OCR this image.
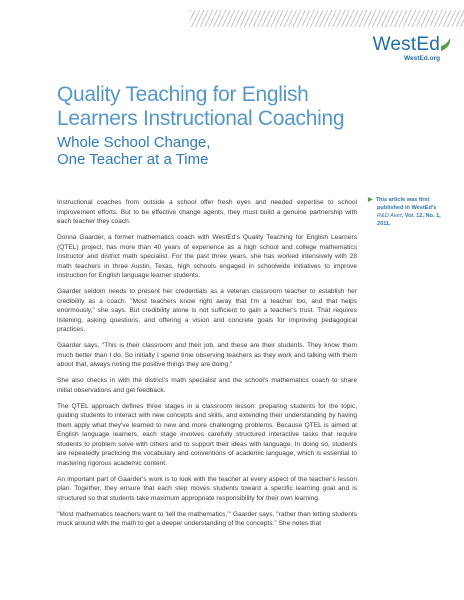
WestEd
WestEd.org
Quality Teaching for English Learners Instructional Coaching
Whole School Change,
One Teacher at a Time
▶ This article was first
published in WestEd's
R&D Alert, Vol. 12, No. 1,
2011.

Instructional coaches from outside a school offer fresh eyes and needed expertise to school improvement efforts. But to be effective change agents, they must build a genuine partnership with each teacher they coach.

Donna Gaarder, a former mathematics coach with WestEd's Quality Teaching for English Learners (QTEL) project, has more than 40 years of experience as a high school and college mathematics instructor and district math specialist. For the past three years, she has worked intensively with 28 math teachers in three Austin, Texas, high schools engaged in schoolwide initiatives to improve instruction for English language learner students.

Gaarder seldom needs to present her credentials as a veteran classroom teacher to establish her credibility as a coach. "Most teachers know right away that I'm a teacher too, and that helps enormously," she says. But credibility alone is not sufficient to gain a teacher's trust. That requires listening, asking questions, and offering a vision and concrete goals for improving pedagogical practices.

Gaarder says, "This is their classroom and their job, and these are their students. They know them much better than I do. So initially I spend time observing teachers as they work and talking with them about that, always noting the positive things they are doing."

She also checks in with the district's math specialist and the school's mathematics coach to share initial observations and get feedback.

The QTEL approach defines three stages in a classroom lesson: preparing students for the topic, guiding students to interact with new concepts and skills, and extending their understanding by having them apply what they've learned to new and more challenging problems. Because QTEL is aimed at English language learners, each stage involves carefully structured interactive tasks that require students to problem solve with others and to support their ideas with language. In doing so, students are repeatedly practicing the vocabulary and conventions of academic language, which is essential to mastering rigorous academic content.

An important part of Gaarder's work is to look with the teacher at every aspect of the teacher's lesson plan. Together, they ensure that each step moves students toward a specific learning goal and is structured so that students take maximum appropriate responsibility for their own learning.

"Most mathematics teachers want to 'tell the mathematics,'" Gaarder says, "rather than letting students muck around with the math to get a deeper understanding of the concepts." She notes that
